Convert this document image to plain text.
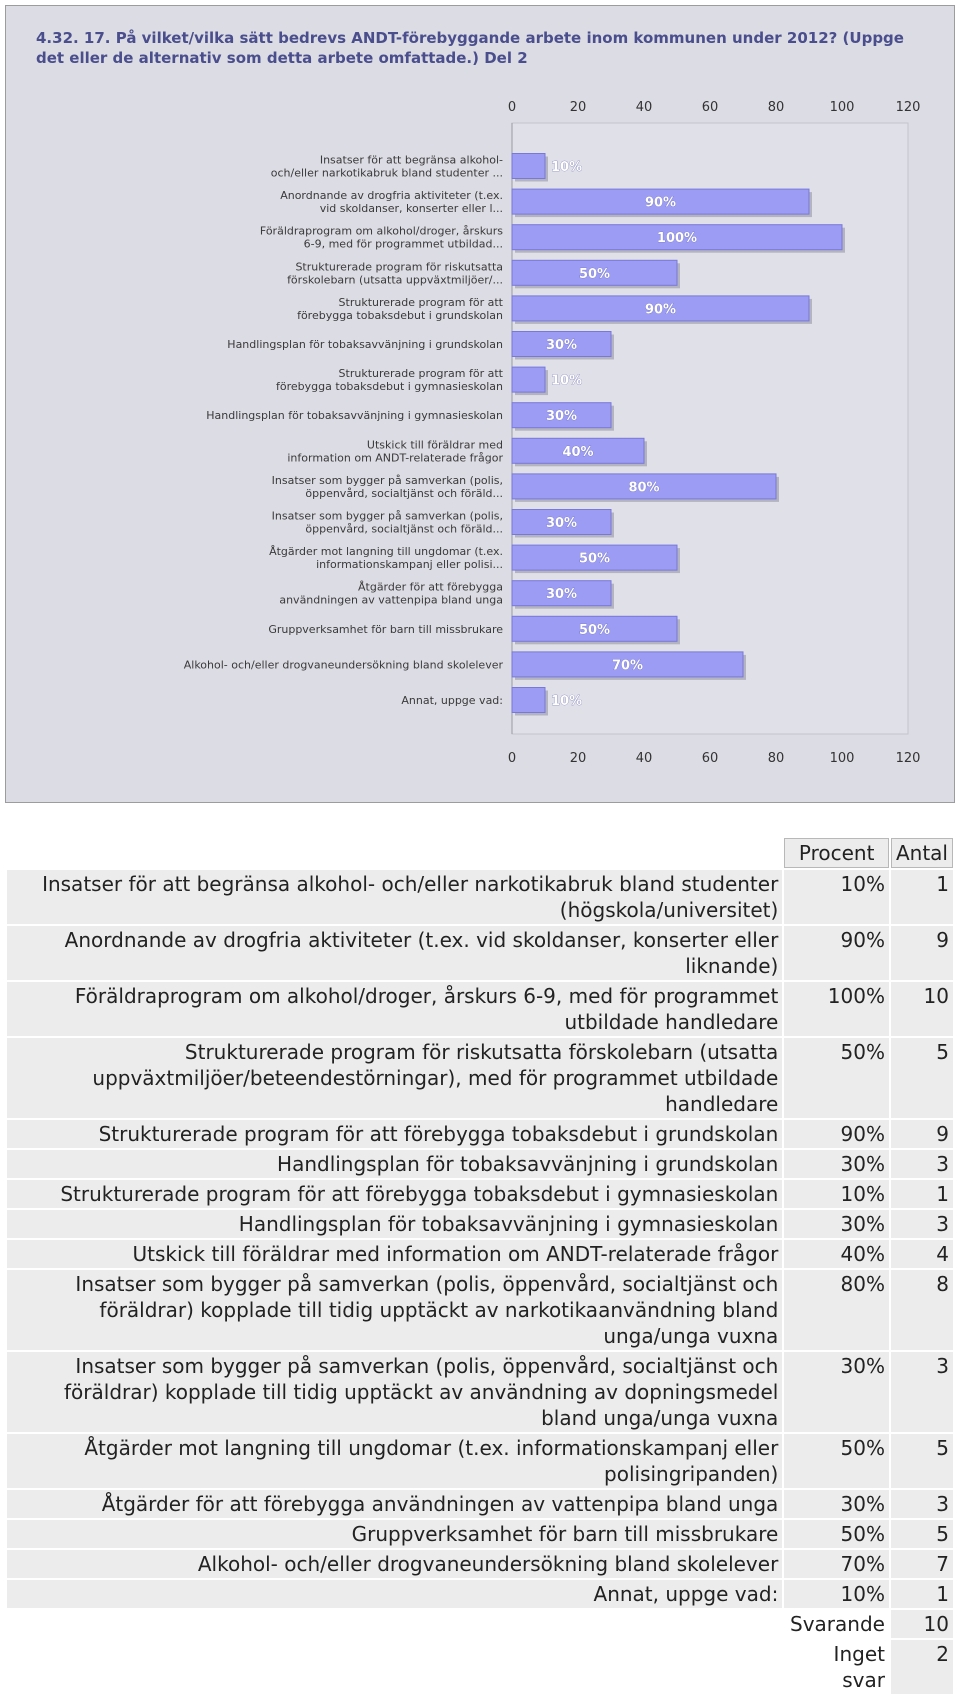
4.32. 17. På vilket/vilka sätt bedrevs ANDT-förebyggande arbete inom kommunen under 2012? (Uppge det eller de alternativ som detta arbete omfattade.) Del 2
0
0
20
20
40
40
60
60
80
80
100
100
120
120
Insatser för att begränsa alkohol-
och/eller narkotikabruk bland studenter ...
Anordnande av drogfria aktiviteter (t.ex.
vid skoldanser, konserter eller l...
Föräldraprogram om alkohol/droger, årskurs
6-9, med för programmet utbildad...
Strukturerade program för riskutsatta
förskolebarn (utsatta uppväxtmiljöer/...
Strukturerade program för att
förebygga tobaksdebut i grundskolan
Handlingsplan för tobaksavvänjning i grundskolan
Strukturerade program för att
förebygga tobaksdebut i gymnasieskolan
Handlingsplan för tobaksavvänjning i gymnasieskolan
Utskick till föräldrar med
information om ANDT-relaterade frågor
Insatser som bygger på samverkan (polis,
öppenvård, socialtjänst och föräld...
Insatser som bygger på samverkan (polis,
öppenvård, socialtjänst och föräld...
Åtgärder mot langning till ungdomar (t.ex.
informationskampanj eller polisi...
Åtgärder för att förebygga
användningen av vattenpipa bland unga
Gruppverksamhet för barn till missbrukare
Alkohol- och/eller drogvaneundersökning bland skolelever
Annat, uppge vad:
10%
90%
100%
50%
90%
30%
10%
30%
40%
80%
30%
50%
30%
50%
70%
10%
	Procent	Antal
Insatser för att begränsa alkohol- och/eller narkotikabruk bland studenter (högskola/universitet)	10%	1
Anordnande av drogfria aktiviteter (t.ex. vid skoldanser, konserter eller liknande)	90%	9
Föräldraprogram om alkohol/droger, årskurs 6-9, med för programmet utbildade handledare	100%	10
Strukturerade program för riskutsatta förskolebarn (utsatta uppväxtmiljöer/beteendestörningar), med för programmet utbildade handledare	50%	5
Strukturerade program för att förebygga tobaksdebut i grundskolan	90%	9
Handlingsplan för tobaksavvänjning i grundskolan	30%	3
Strukturerade program för att förebygga tobaksdebut i gymnasieskolan	10%	1
Handlingsplan för tobaksavvänjning i gymnasieskolan	30%	3
Utskick till föräldrar med information om ANDT-relaterade frågor	40%	4
Insatser som bygger på samverkan (polis, öppenvård, socialtjänst och föräldrar) kopplade till tidig upptäckt av narkotikaanvändning bland unga/unga vuxna	80%	8
Insatser som bygger på samverkan (polis, öppenvård, socialtjänst och föräldrar) kopplade till tidig upptäckt av användning av dopningsmedel bland unga/unga vuxna	30%	3
Åtgärder mot langning till ungdomar (t.ex. informationskampanj eller polisingripanden)	50%	5
Åtgärder för att förebygga användningen av vattenpipa bland unga	30%	3
Gruppverksamhet för barn till missbrukare	50%	5
Alkohol- och/eller drogvaneundersökning bland skolelever	70%	7
Annat, uppge vad:	10%	1
	Svarande	10
	Inget svar	2
